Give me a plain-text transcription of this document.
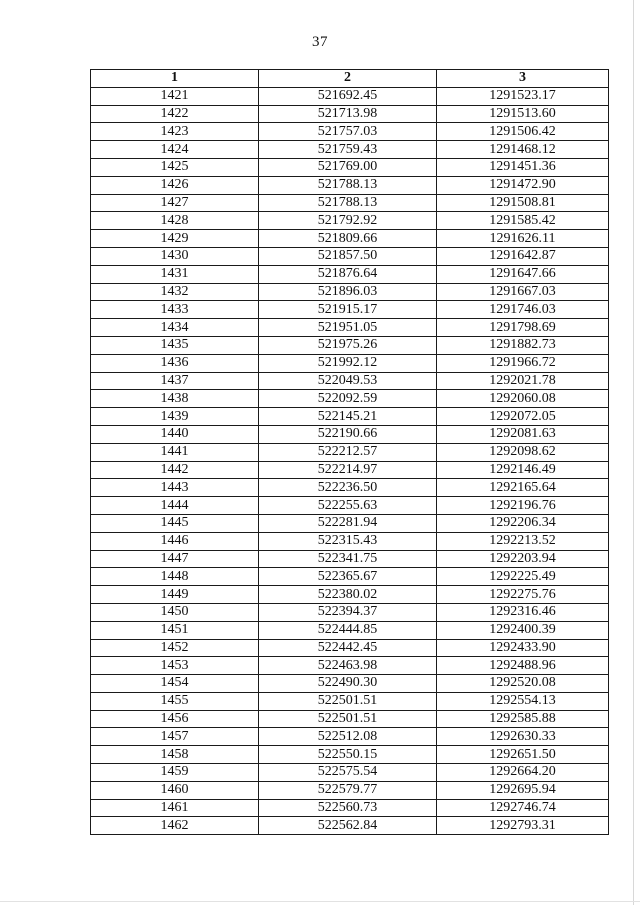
37
1	2	3
1421	521692.45	1291523.17
1422	521713.98	1291513.60
1423	521757.03	1291506.42
1424	521759.43	1291468.12
1425	521769.00	1291451.36
1426	521788.13	1291472.90
1427	521788.13	1291508.81
1428	521792.92	1291585.42
1429	521809.66	1291626.11
1430	521857.50	1291642.87
1431	521876.64	1291647.66
1432	521896.03	1291667.03
1433	521915.17	1291746.03
1434	521951.05	1291798.69
1435	521975.26	1291882.73
1436	521992.12	1291966.72
1437	522049.53	1292021.78
1438	522092.59	1292060.08
1439	522145.21	1292072.05
1440	522190.66	1292081.63
1441	522212.57	1292098.62
1442	522214.97	1292146.49
1443	522236.50	1292165.64
1444	522255.63	1292196.76
1445	522281.94	1292206.34
1446	522315.43	1292213.52
1447	522341.75	1292203.94
1448	522365.67	1292225.49
1449	522380.02	1292275.76
1450	522394.37	1292316.46
1451	522444.85	1292400.39
1452	522442.45	1292433.90
1453	522463.98	1292488.96
1454	522490.30	1292520.08
1455	522501.51	1292554.13
1456	522501.51	1292585.88
1457	522512.08	1292630.33
1458	522550.15	1292651.50
1459	522575.54	1292664.20
1460	522579.77	1292695.94
1461	522560.73	1292746.74
1462	522562.84	1292793.31
